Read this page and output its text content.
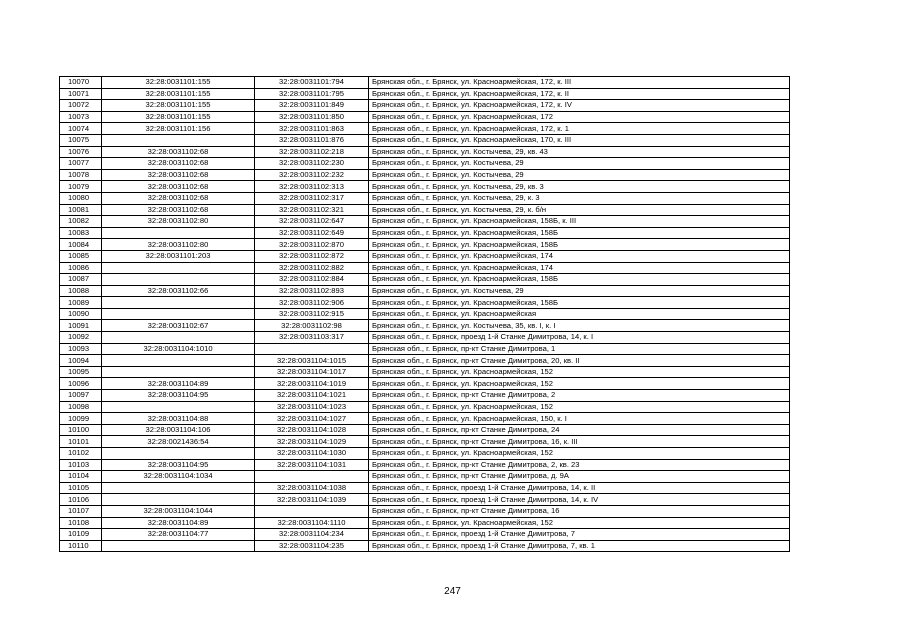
10070	32:28:0031101:155	32:28:0031101:794	Брянская обл., г. Брянск, ул. Красноармейская, 172, к. III
10071	32:28:0031101:155	32:28:0031101:795	Брянская обл., г. Брянск, ул. Красноармейская, 172, к. II
10072	32:28:0031101:155	32:28:0031101:849	Брянская обл., г. Брянск, ул. Красноармейская, 172, к. IV
10073	32:28:0031101:155	32:28:0031101:850	Брянская обл., г. Брянск, ул. Красноармейская, 172
10074	32:28:0031101:156	32:28:0031101:863	Брянская обл., г. Брянск, ул. Красноармейская, 172, к. 1
10075		32:28:0031101:876	Брянская обл., г. Брянск, ул. Красноармейская, 170, к. III
10076	32:28:0031102:68	32:28:0031102:218	Брянская обл., г. Брянск, ул. Костычева, 29, кв. 43
10077	32:28:0031102:68	32:28:0031102:230	Брянская обл., г. Брянск, ул. Костычева, 29
10078	32:28:0031102:68	32:28:0031102:232	Брянская обл., г. Брянск, ул. Костычева, 29
10079	32:28:0031102:68	32:28:0031102:313	Брянская обл., г. Брянск, ул. Костычева, 29, кв. 3
10080	32:28:0031102:68	32:28:0031102:317	Брянская обл., г. Брянск, ул. Костычева, 29, к. 3
10081	32:28:0031102:68	32:28:0031102:321	Брянская обл., г. Брянск, ул. Костычева, 29, к. б/н
10082	32:28:0031102:80	32:28:0031102:647	Брянская обл., г. Брянск, ул. Красноармейская, 158Б, к. III
10083		32:28:0031102:649	Брянская обл., г. Брянск, ул. Красноармейская, 158Б
10084	32:28:0031102:80	32:28:0031102:870	Брянская обл., г. Брянск, ул. Красноармейская, 158Б
10085	32:28:0031101:203	32:28:0031102:872	Брянская обл., г. Брянск, ул. Красноармейская, 174
10086		32:28:0031102:882	Брянская обл., г. Брянск, ул. Красноармейская, 174
10087		32:28:0031102:884	Брянская обл., г. Брянск, ул. Красноармейская, 158Б
10088	32:28:0031102:66	32:28:0031102:893	Брянская обл., г. Брянск, ул. Костычева, 29
10089		32:28:0031102:906	Брянская обл., г. Брянск, ул. Красноармейская, 158Б
10090		32:28:0031102:915	Брянская обл., г. Брянск, ул. Красноармейская
10091	32:28:0031102:67	32:28:0031102:98	Брянская обл., г. Брянск, ул. Костычева, 35, кв. I, к. I
10092		32:28:0031103:317	Брянская обл., г. Брянск, проезд 1-й Станке Димитрова, 14, к. I
10093	32:28:0031104:1010		Брянская обл., г. Брянск, пр-кт Станке Димитрова, 1
10094		32:28:0031104:1015	Брянская обл., г. Брянск, пр-кт Станке Димитрова, 20, кв. II
10095		32:28:0031104:1017	Брянская обл., г. Брянск, ул. Красноармейская, 152
10096	32:28:0031104:89	32:28:0031104:1019	Брянская обл., г. Брянск, ул. Красноармейская, 152
10097	32:28:0031104:95	32:28:0031104:1021	Брянская обл., г. Брянск, пр-кт Станке Димитрова, 2
10098		32:28:0031104:1023	Брянская обл., г. Брянск, ул. Красноармейская, 152
10099	32:28:0031104:88	32:28:0031104:1027	Брянская обл., г. Брянск, ул. Красноармейская, 150, к. I
10100	32:28:0031104:106	32:28:0031104:1028	Брянская обл., г. Брянск, пр-кт Станке Димитрова, 24
10101	32:28:0021436:54	32:28:0031104:1029	Брянская обл., г. Брянск, пр-кт Станке Димитрова, 16, к. III
10102		32:28:0031104:1030	Брянская обл., г. Брянск, ул. Красноармейская, 152
10103	32:28:0031104:95	32:28:0031104:1031	Брянская обл., г. Брянск, пр-кт Станке Димитрова, 2, кв. 23
10104	32:28:0031104:1034		Брянская обл., г. Брянск, пр-кт Станке Димитрова, д. 9А
10105		32:28:0031104:1038	Брянская обл., г. Брянск, проезд 1-й Станке Димитрова, 14, к. II
10106		32:28:0031104:1039	Брянская обл., г. Брянск, проезд 1-й Станке Димитрова, 14, к. IV
10107	32:28:0031104:1044		Брянская обл., г. Брянск, пр-кт Станке Димитрова, 16
10108	32:28:0031104:89	32:28:0031104:1110	Брянская обл., г. Брянск, ул. Красноармейская, 152
10109	32:28:0031104:77	32:28:0031104:234	Брянская обл., г. Брянск, проезд 1-й Станке Димитрова, 7
10110		32:28:0031104:235	Брянская обл., г. Брянск, проезд 1-й Станке Димитрова, 7, кв. 1
247
